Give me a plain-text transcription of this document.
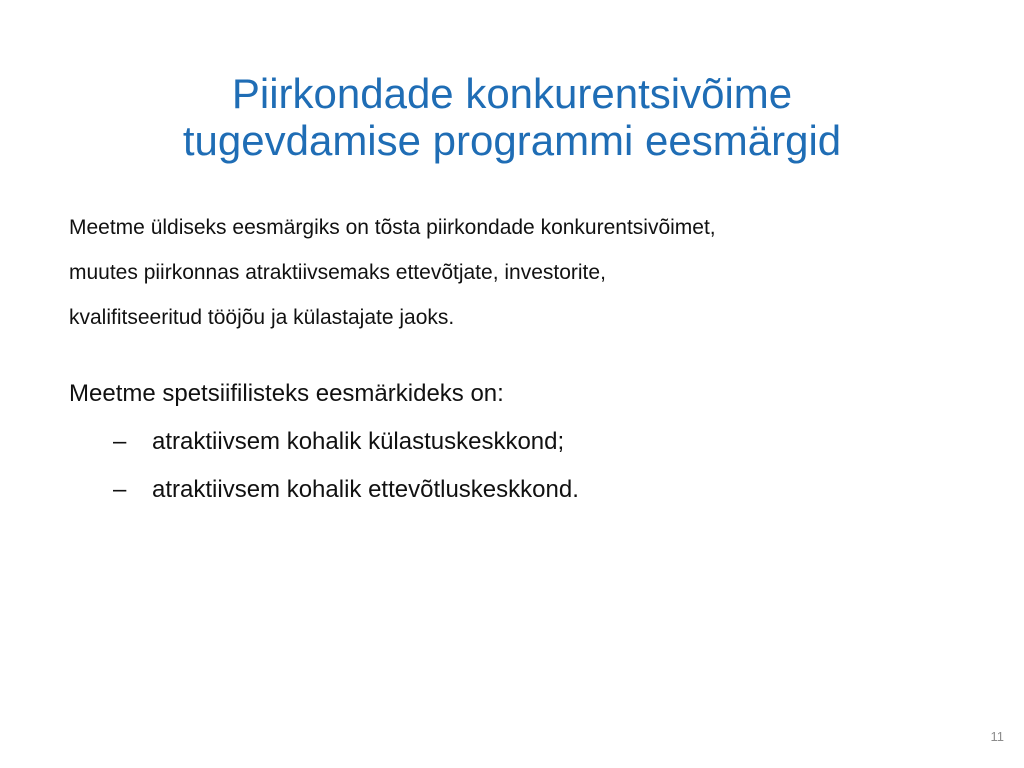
Piirkondade konkurentsivõime
tugevdamise programmi eesmärgid

Meetme üldiseks eesmärgiks on tõsta piirkondade konkurentsivõimet,
muutes piirkonnas atraktiivsemaks ettevõtjate, investorite,
kvalifitseeritud tööjõu ja külastajate jaoks.

Meetme spetsiifilisteks eesmärkideks on:
– atraktiivsem kohalik külastuskeskkond;
– atraktiivsem kohalik ettevõtluskeskkond.
11
